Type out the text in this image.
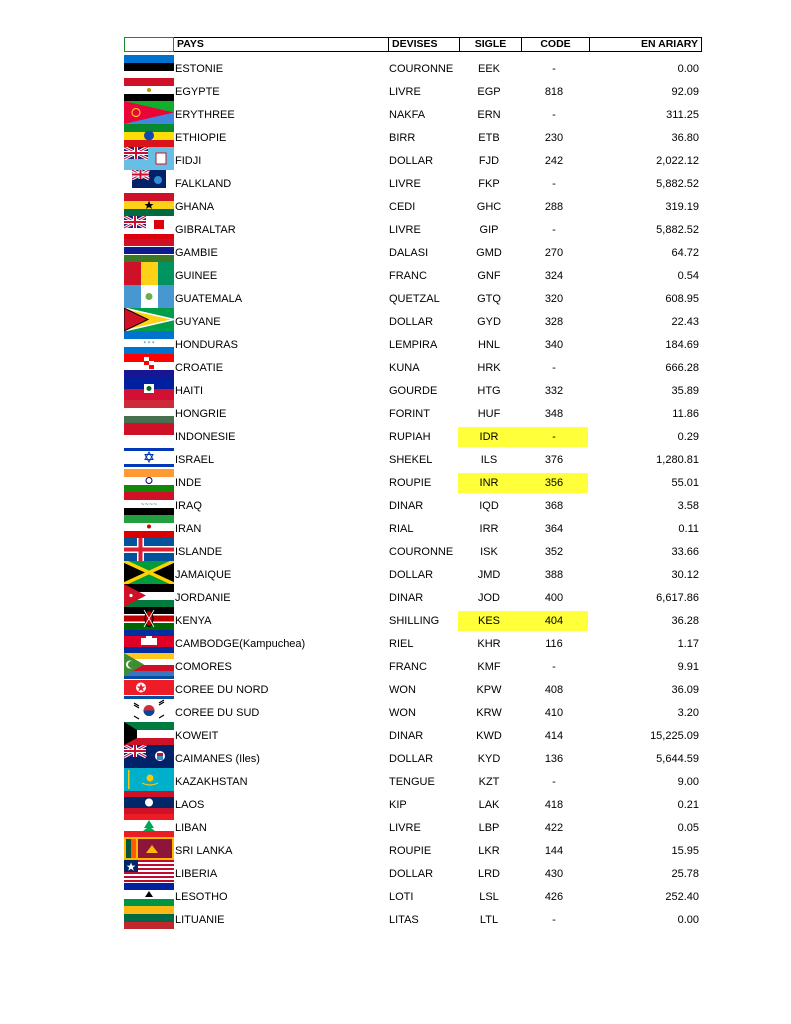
PAYS	DEVISES	SIGLE	CODE	EN ARIARY
ESTONIE	COURONNE	EEK	-	0.00
EGYPTE	LIVRE	EGP	818	92.09
ERYTHREE	NAKFA	ERN	-	311.25
ETHIOPIE	BIRR	ETB	230	36.80
FIDJI	DOLLAR	FJD	242	2,022.12
FALKLAND	LIVRE	FKP	-	5,882.52
GHANA	CEDI	GHC	288	319.19
GIBRALTAR	LIVRE	GIP	-	5,882.52
GAMBIE	DALASI	GMD	270	64.72
GUINEE	FRANC	GNF	324	0.54
GUATEMALA	QUETZAL	GTQ	320	608.95
GUYANE	DOLLAR	GYD	328	22.43
* * * HONDURAS	LEMPIRA	HNL	340	184.69
CROATIE	KUNA	HRK	-	666.28
HAITI	GOURDE	HTG	332	35.89
HONGRIE	FORINT	HUF	348	11.86
INDONESIE	RUPIAH	IDR	-	0.29
ISRAEL	SHEKEL	ILS	376	1,280.81
INDE	ROUPIE	INR	356	55.01
~~~~ IRAQ	DINAR	IQD	368	3.58
IRAN	RIAL	IRR	364	0.11
ISLANDE	COURONNE	ISK	352	33.66
JAMAIQUE	DOLLAR	JMD	388	30.12
JORDANIE	DINAR	JOD	400	6,617.86
KENYA	SHILLING	KES	404	36.28
CAMBODGE(Kampuchea)	RIEL	KHR	116	1.17
COMORES	FRANC	KMF	-	9.91
COREE DU NORD	WON	KPW	408	36.09
COREE DU SUD	WON	KRW	410	3.20
KOWEIT	DINAR	KWD	414	15,225.09
CAIMANES (Iles)	DOLLAR	KYD	136	5,644.59
KAZAKHSTAN	TENGUE	KZT	-	9.00
LAOS	KIP	LAK	418	0.21
LIBAN	LIVRE	LBP	422	0.05
SRI LANKA	ROUPIE	LKR	144	15.95
LIBERIA	DOLLAR	LRD	430	25.78
LESOTHO	LOTI	LSL	426	252.40
LITUANIE	LITAS	LTL	-	0.00
